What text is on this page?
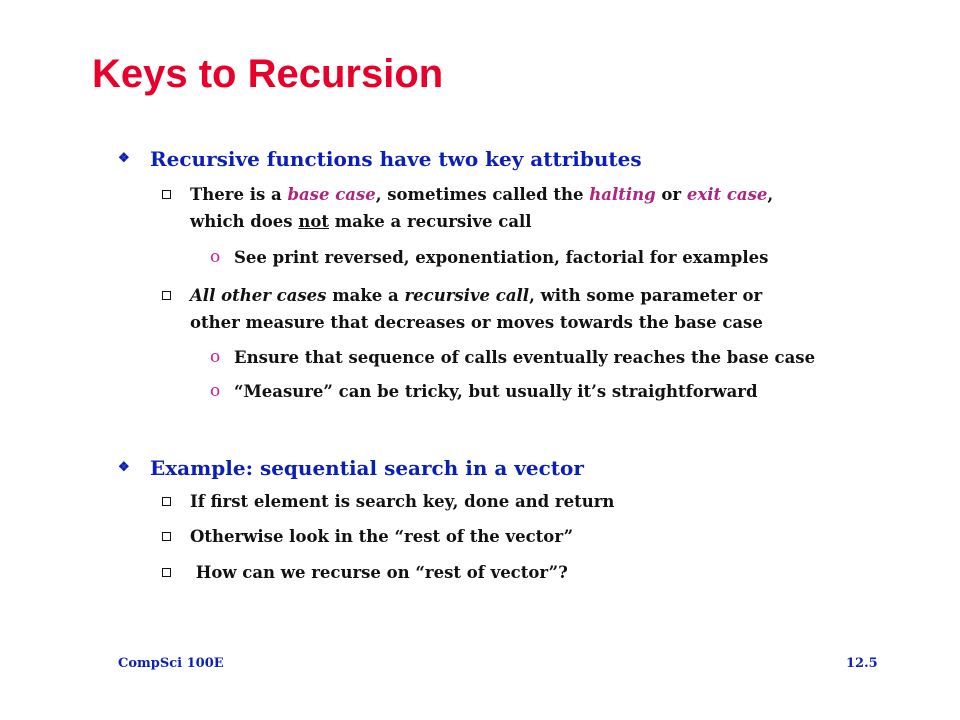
Keys to Recursion
❖ Recursive functions have two key attributes
There is a base case, sometimes called the halting or exit case,
which does not make a recursive call
o See print reversed, exponentiation, factorial for examples
All other cases make a recursive call, with some parameter or
other measure that decreases or moves towards the base case
o Ensure that sequence of calls eventually reaches the base case
o “Measure” can be tricky, but usually it’s straightforward
❖ Example: sequential search in a vector
If first element is search key, done and return
Otherwise look in the “rest of the vector”
How can we recurse on “rest of vector”?
CompSci 100E	12.5
